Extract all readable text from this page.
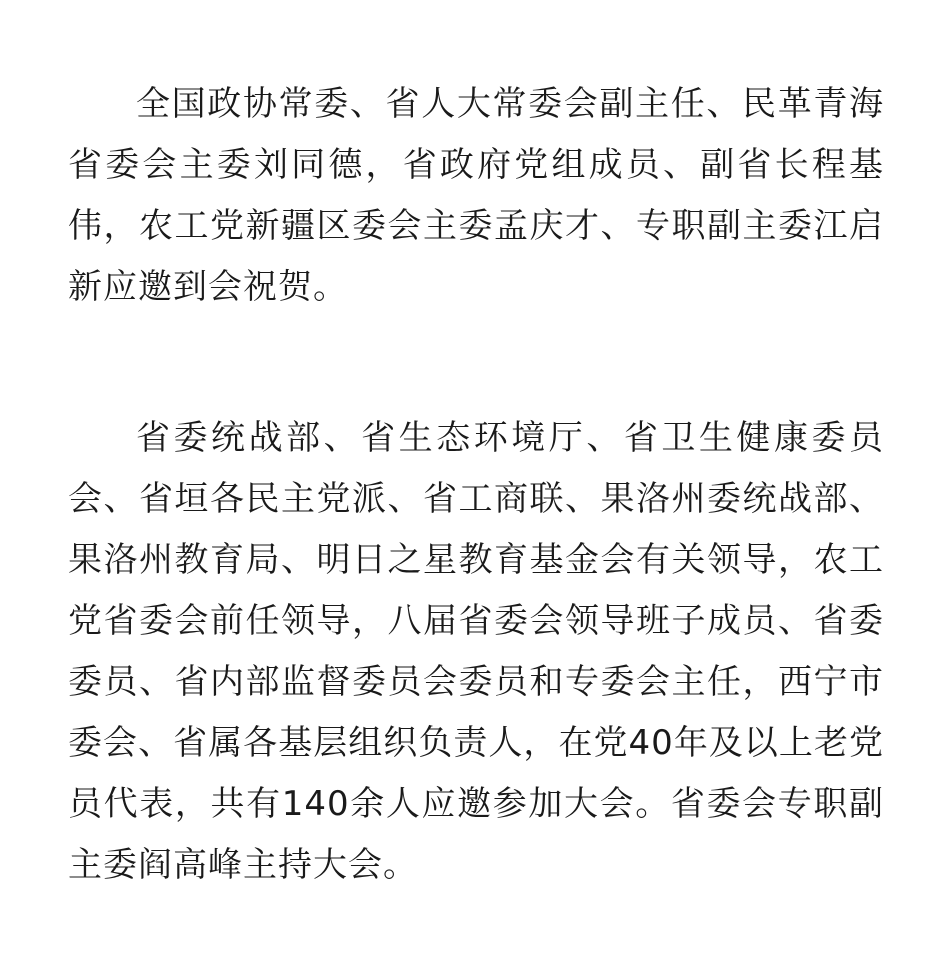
全国政协常委、省人大常委会副主任、民革青海省委会主委刘同德，省政府党组成员、副省长程基伟，农工党新疆区委会主委孟庆才、专职副主委江启新应邀到会祝贺。

省委统战部、省生态环境厅、省卫生健康委员会、省垣各民主党派、省工商联、果洛州委统战部、果洛州教育局、明日之星教育基金会有关领导，农工党省委会前任领导，八届省委会领导班子成员、省委委员、省内部监督委员会委员和专委会主任，西宁市委会、省属各基层组织负责人，在党40年及以上老党员代表，共有140余人应邀参加大会。省委会专职副主委阎高峰主持大会。
